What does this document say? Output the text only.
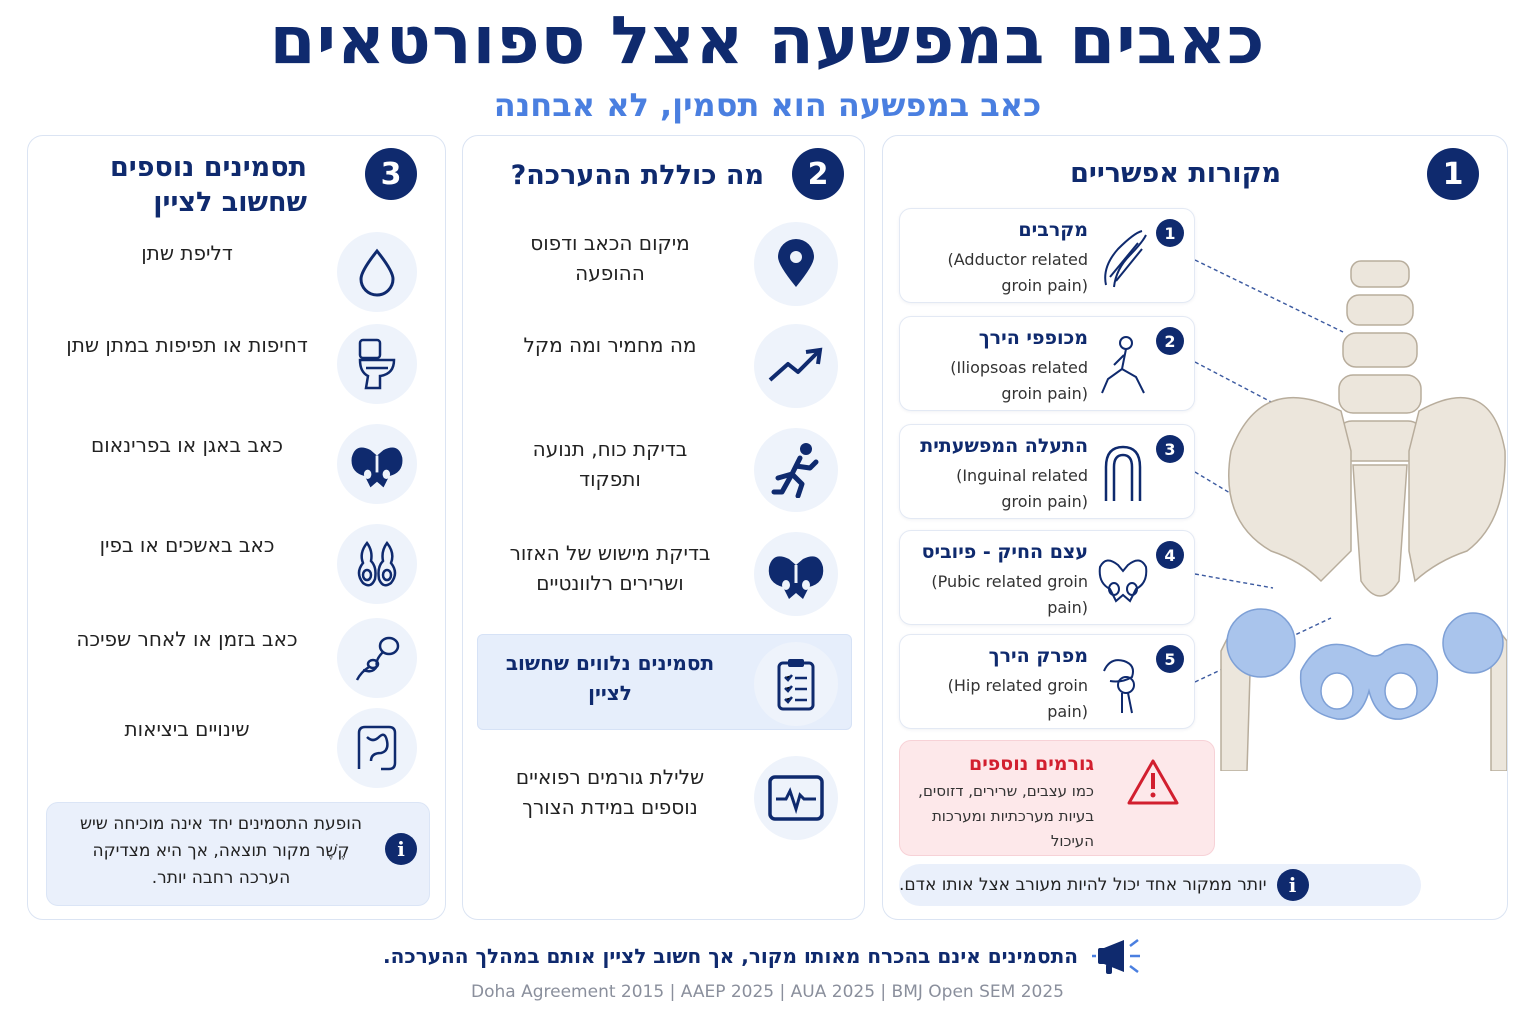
כאבים במפשעה אצל ספורטאים
כאב במפשעה הוא תסמין, לא אבחנה
1
מקורות אפשריים
1
מקרבים
(Adductor related groin pain)
2
מכופפי הירך
(Iliopsoas related groin pain)
3
התעלה המפשעתית
(Inguinal related groin pain)
4
עצם החיק - פיוביס
(Pubic related groin pain)
5
מפרק הירך
(Hip related groin pain)
גורמים נוספים
כמו עצבים, שרירים, דזוסים, בעיות מערכתיות ומערכות העיכול
i
יותר ממקור אחד יכול להיות מעורב אצל אותו אדם.
2
מה כוללת ההערכה?
מיקום הכאב ודפוס ההופעה
מה מחמיר ומה מקל
בדיקת כוח, תנועה ותפקוד
בדיקת מישוש של האזור ושרירים רלוונטיים
תסמינים נלווים שחשוב לציין
שלילת גורמים רפואיים נוספים במידת הצורך
3
תסמינים נוספים שחשוב לציין
דליפת שתן
דחיפות או תפיפות במתן שתן
כאב באגן או בפרינאום
כאב באשכים או בפין
כאב בזמן או לאחר שפיכה
שינויים ביציאות
i
הופעת התסמינים יחד אינה מוכיחה שיש קֶשֶׁר מקור תוצאה, אך היא מצדיקה הערכה רחבה יותר.
התסמינים אינם בהכרח מאותו מקור, אך חשוב לציין אותם במהלך ההערכה.
Doha Agreement 2015 | AAEP 2025 | AUA 2025 | BMJ Open SEM 2025
